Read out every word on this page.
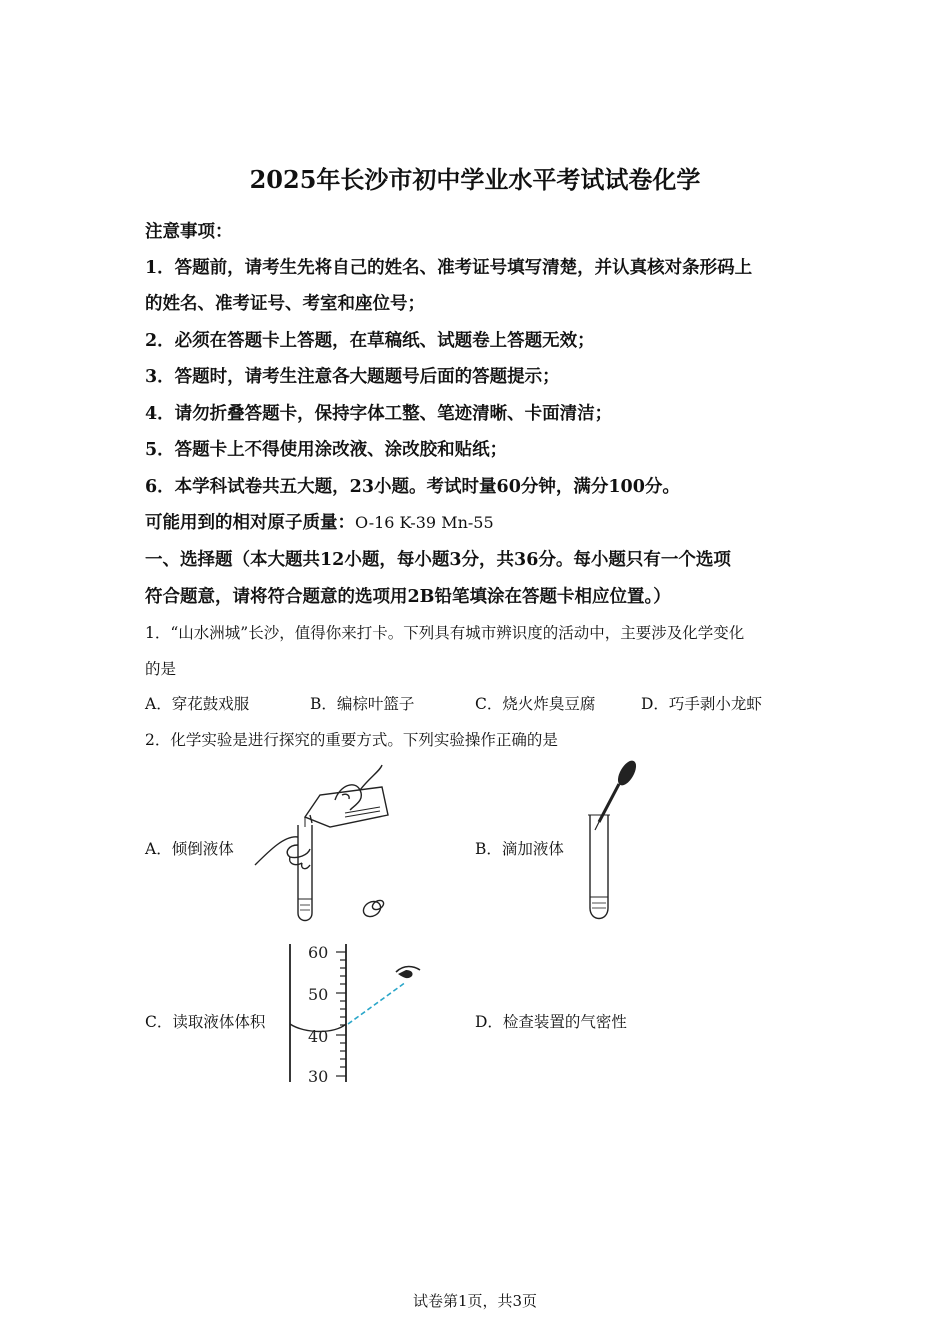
2025年长沙市初中学业水平考试试卷化学
注意事项：
1．答题前，请考生先将自己的姓名、准考证号填写清楚，并认真核对条形码上
的姓名、准考证号、考室和座位号；
2．必须在答题卡上答题，在草稿纸、试题卷上答题无效；
3．答题时，请考生注意各大题题号后面的答题提示；
4．请勿折叠答题卡，保持字体工整、笔迹清晰、卡面清洁；
5．答题卡上不得使用涂改液、涂改胶和贴纸；
6．本学科试卷共五大题，23小题。考试时量60分钟，满分100分。
可能用到的相对原子质量：O-16 K-39 Mn-55
一、选择题（本大题共12小题，每小题3分，共36分。每小题只有一个选项
符合题意，请将符合题意的选项用2B铅笔填涂在答题卡相应位置。）
1．“山水洲城”长沙，值得你来打卡。下列具有城市辨识度的活动中，主要涉及化学变化
的是
A．穿花鼓戏服	B．编棕叶篮子	C．烧火炸臭豆腐	D．巧手剥小龙虾
2．化学实验是进行探究的重要方式。下列实验操作正确的是
A．倾倒液体	B．滴加液体
C．读取液体体积	D．检查装置的气密性
60
50
40
30
试卷第1页，共3页
